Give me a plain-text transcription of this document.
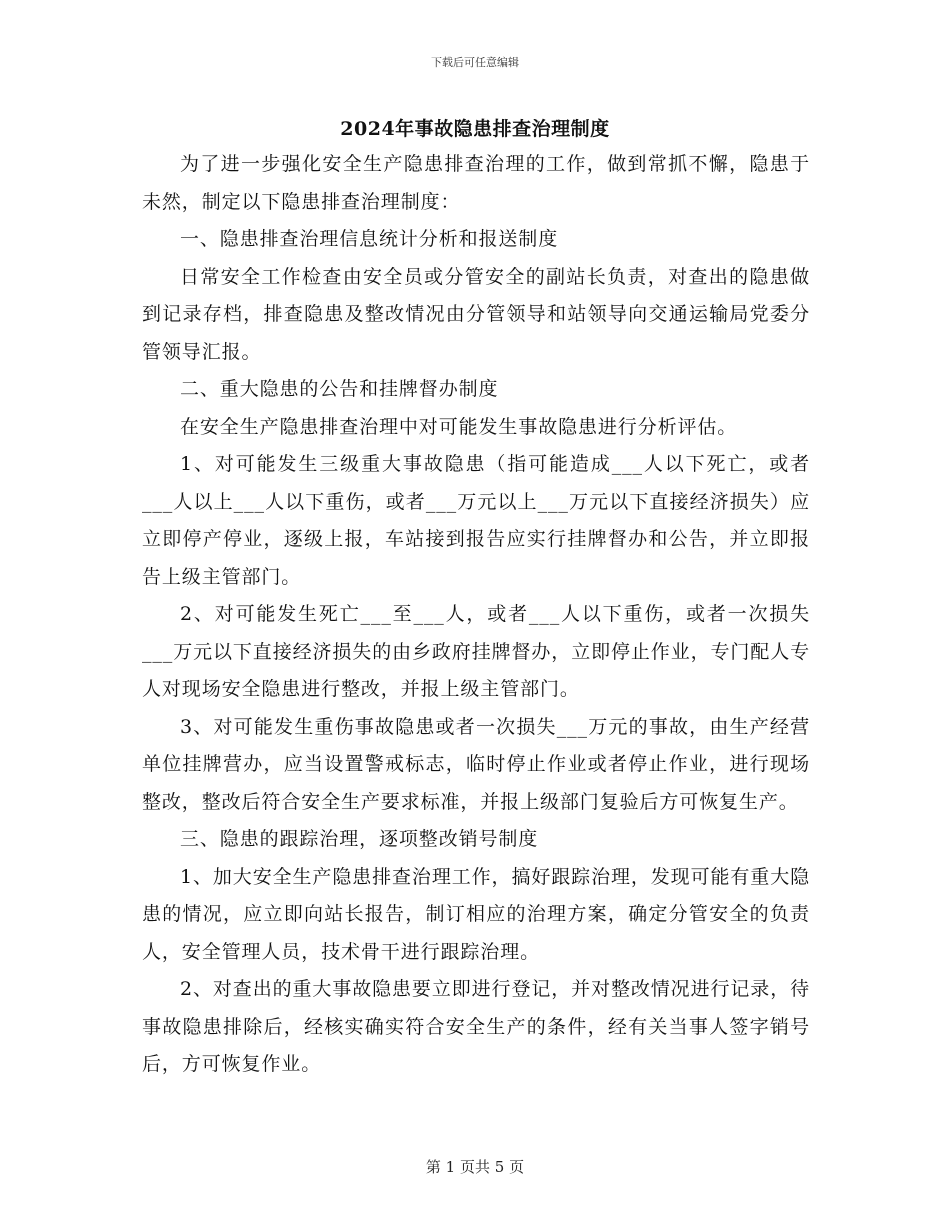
下载后可任意编辑
2024年事故隐患排查治理制度

为了进一步强化安全生产隐患排查治理的工作，做到常抓不懈，隐患于未然，制定以下隐患排查治理制度：

一、隐患排查治理信息统计分析和报送制度

日常安全工作检查由安全员或分管安全的副站长负责，对查出的隐患做到记录存档，排查隐患及整改情况由分管领导和站领导向交通运输局党委分管领导汇报。

二、重大隐患的公告和挂牌督办制度

在安全生产隐患排查治理中对可能发生事故隐患进行分析评估。

1、对可能发生三级重大事故隐患（指可能造成___人以下死亡，或者___人以上___人以下重伤，或者___万元以上___万元以下直接经济损失）应立即停产停业，逐级上报，车站接到报告应实行挂牌督办和公告，并立即报告上级主管部门。

2、对可能发生死亡___至___人，或者___人以下重伤，或者一次损失___万元以下直接经济损失的由乡政府挂牌督办，立即停止作业，专门配人专人对现场安全隐患进行整改，并报上级主管部门。

3、对可能发生重伤事故隐患或者一次损失___万元的事故，由生产经营单位挂牌营办，应当设置警戒标志，临时停止作业或者停止作业，进行现场整改，整改后符合安全生产要求标准，并报上级部门复验后方可恢复生产。

三、隐患的跟踪治理，逐项整改销号制度

1、加大安全生产隐患排查治理工作，搞好跟踪治理，发现可能有重大隐患的情况，应立即向站长报告，制订相应的治理方案，确定分管安全的负责人，安全管理人员，技术骨干进行跟踪治理。

2、对查出的重大事故隐患要立即进行登记，并对整改情况进行记录，待事故隐患排除后，经核实确实符合安全生产的条件，经有关当事人签字销号后，方可恢复作业。

第 1 页共 5 页
